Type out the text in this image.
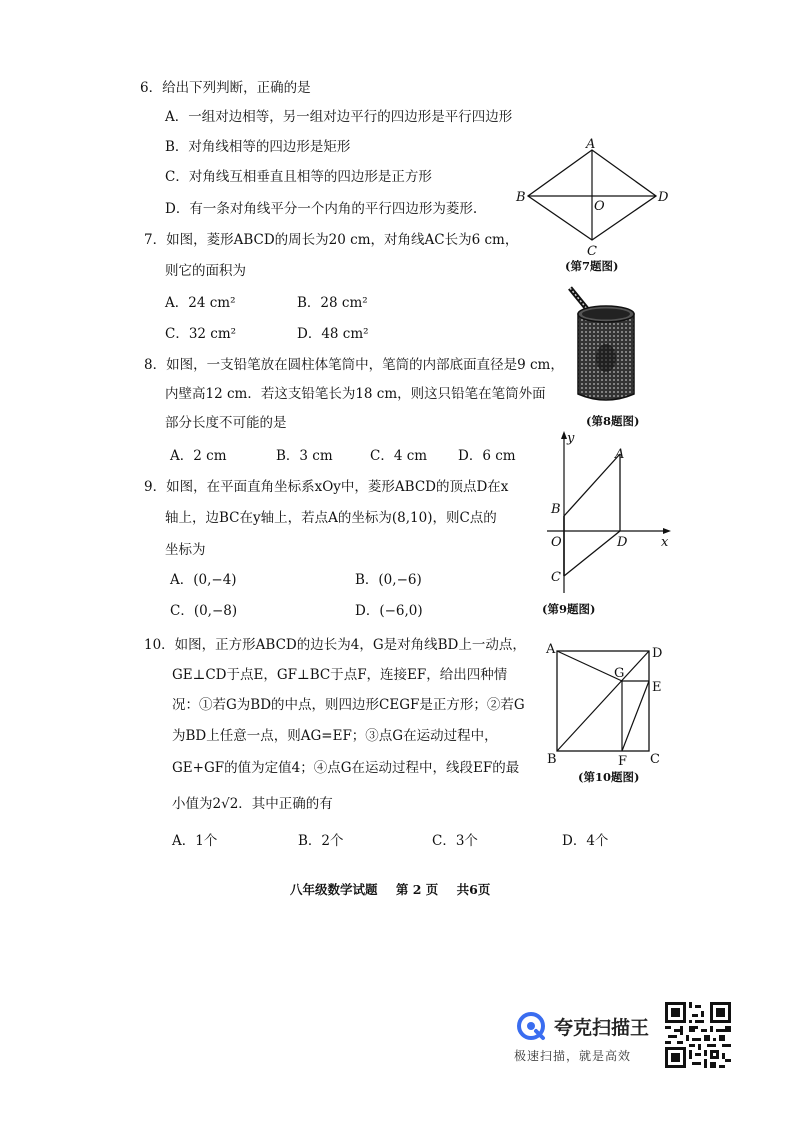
6．给出下列判断，正确的是
A．一组对边相等，另一组对边平行的四边形是平行四边形
B．对角线相等的四边形是矩形
C．对角线互相垂直且相等的四边形是正方形
D．有一条对角线平分一个内角的平行四边形为菱形.
7．如图，菱形ABCD的周长为20 cm，对角线AC长为6 cm，
则它的面积为
A．24 cm²	B．28 cm²
C．32 cm²	D．48 cm²
8．如图，一支铅笔放在圆柱体笔筒中，笔筒的内部底面直径是9 cm，
内壁高12 cm．若这支铅笔长为18 cm，则这只铅笔在笔筒外面
部分长度不可能的是
A．2 cm	B．3 cm	C．4 cm D．6 cm
9．如图，在平面直角坐标系xOy中，菱形ABCD的顶点D在x
轴上，边BC在y轴上，若点A的坐标为(8,10)，则C点的
坐标为
A．(0,−4)	B．(0,−6)
C．(0,−8)	D．(−6,0)
10．如图，正方形ABCD的边长为4，G是对角线BD上一动点，
GE⊥CD于点E，GF⊥BC于点F，连接EF，给出四种情
况：①若G为BD的中点，则四边形CEGF是正方形；②若G
为BD上任意一点，则AG=EF；③点G在运动过程中，
GE+GF的值为定值4；④点G在运动过程中，线段EF的最
小值为2√2．其中正确的有
A．1个	B．2个	C．3个	D．4个
A
B
C
D
O
(第7题图)
(第8题图)
y
x
A
B
O	D
C
(第9题图)
A	D
G
E
B	F C
(第10题图)
八年级数学试题 第 2 页 共6页
夸克扫描王
极速扫描，就是高效
